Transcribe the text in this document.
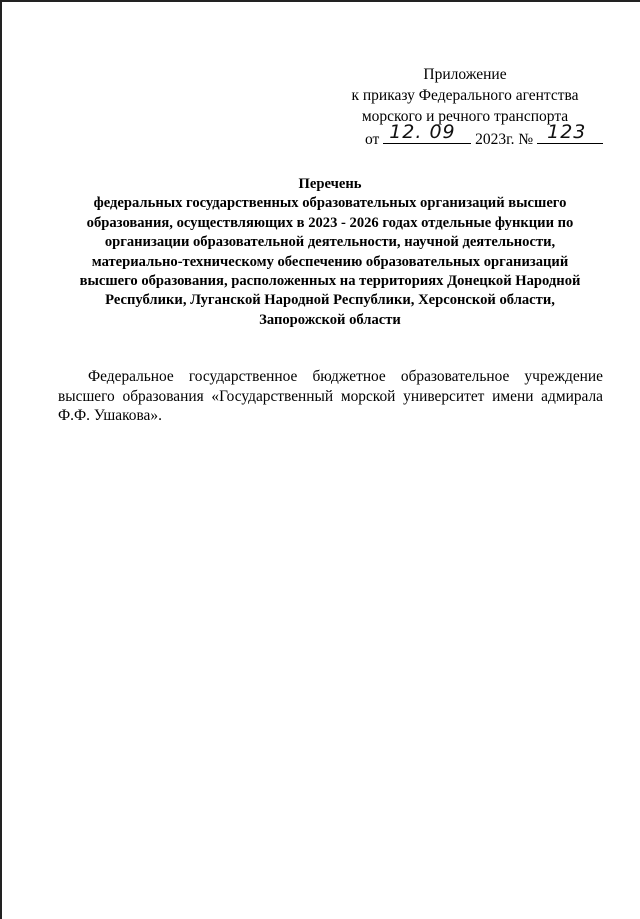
Приложение
к приказу Федерального агентства
морского и речного транспорта
от 12. 09 2023г. № 123
Перечень
федеральных государственных образовательных организаций высшего
образования, осуществляющих в 2023 - 2026 годах отдельные функции по
организации образовательной деятельности, научной деятельности,
материально-техническому обеспечению образовательных организаций
высшего образования, расположенных на территориях Донецкой Народной
Республики, Луганской Народной Республики, Херсонской области,
Запорожской области

Федеральное государственное бюджетное образовательное учреждение высшего образования «Государственный морской университет имени адмирала Ф.Ф. Ушакова».
